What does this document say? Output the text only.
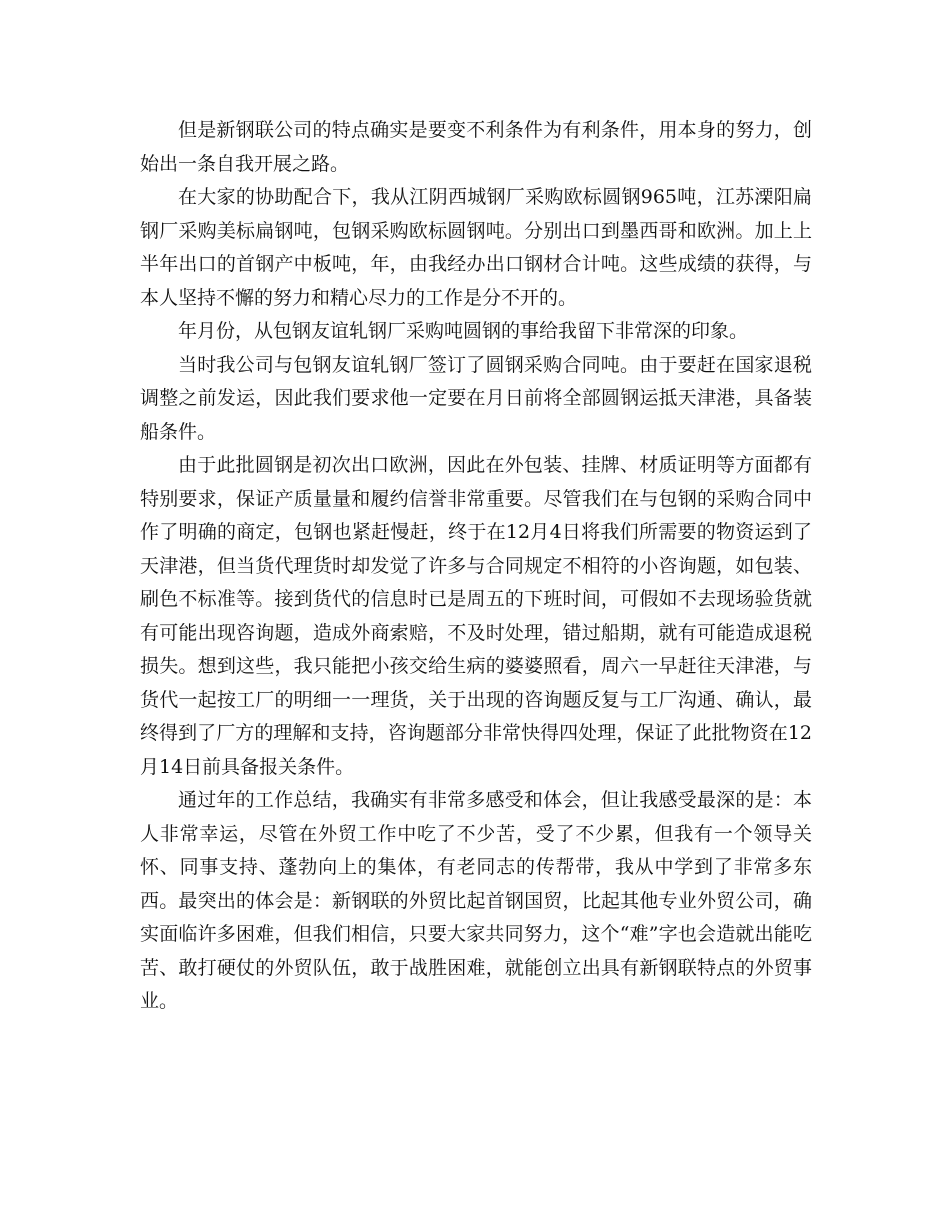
但是新钢联公司的特点确实是要变不利条件为有利条件，用本身的努力，创始出一条自我开展之路。

在大家的协助配合下，我从江阴西城钢厂采购欧标圆钢965吨，江苏溧阳扁钢厂采购美标扁钢吨，包钢采购欧标圆钢吨。分别出口到墨西哥和欧洲。加上上半年出口的首钢产中板吨，年，由我经办出口钢材合计吨。这些成绩的获得，与本人坚持不懈的努力和精心尽力的工作是分不开的。

年月份，从包钢友谊轧钢厂采购吨圆钢的事给我留下非常深的印象。

当时我公司与包钢友谊轧钢厂签订了圆钢采购合同吨。由于要赶在国家退税调整之前发运，因此我们要求他一定要在月日前将全部圆钢运抵天津港，具备装船条件。

由于此批圆钢是初次出口欧洲，因此在外包装、挂牌、材质证明等方面都有特别要求，保证产质量量和履约信誉非常重要。尽管我们在与包钢的采购合同中作了明确的商定，包钢也紧赶慢赶，终于在12月4日将我们所需要的物资运到了天津港，但当货代理货时却发觉了许多与合同规定不相符的小咨询题，如包装、刷色不标准等。接到货代的信息时已是周五的下班时间，可假如不去现场验货就有可能出现咨询题，造成外商索赔，不及时处理，错过船期，就有可能造成退税损失。想到这些，我只能把小孩交给生病的婆婆照看，周六一早赶往天津港，与货代一起按工厂的明细一一理货，关于出现的咨询题反复与工厂沟通、确认，最终得到了厂方的理解和支持，咨询题部分非常快得四处理，保证了此批物资在12月14日前具备报关条件。

通过年的工作总结，我确实有非常多感受和体会，但让我感受最深的是：本人非常幸运，尽管在外贸工作中吃了不少苦，受了不少累，但我有一个领导关怀、同事支持、蓬勃向上的集体，有老同志的传帮带，我从中学到了非常多东西。最突出的体会是：新钢联的外贸比起首钢国贸，比起其他专业外贸公司，确实面临许多困难，但我们相信，只要大家共同努力，这个“难”字也会造就出能吃苦、敢打硬仗的外贸队伍，敢于战胜困难，就能创立出具有新钢联特点的外贸事业。
